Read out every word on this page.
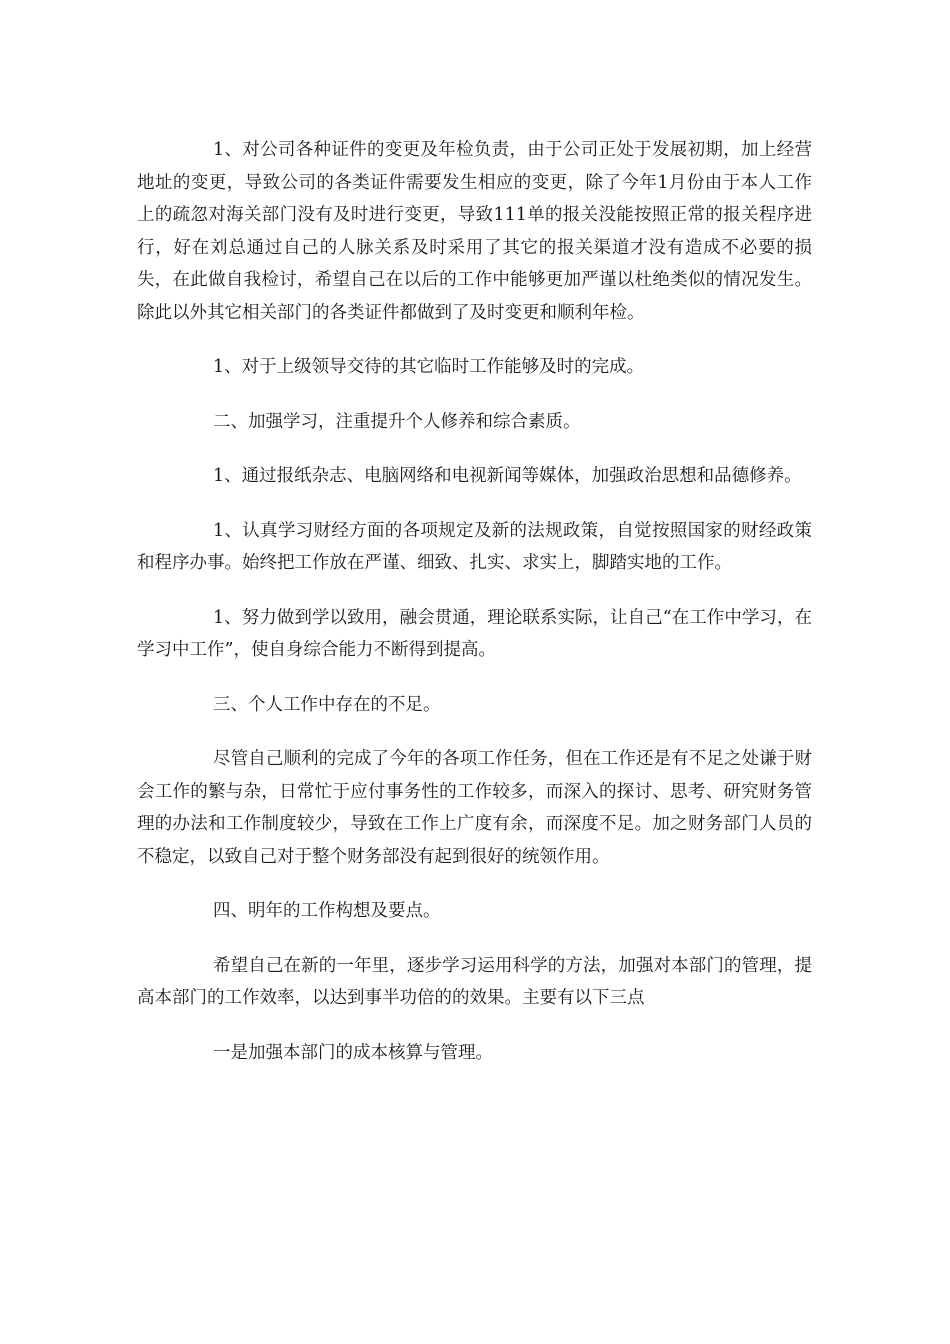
1、对公司各种证件的变更及年检负责，由于公司正处于发展初期，加上经营地址的变更，导致公司的各类证件需要发生相应的变更，除了今年1月份由于本人工作上的疏忽对海关部门没有及时进行变更，导致111单的报关没能按照正常的报关程序进行，好在刘总通过自己的人脉关系及时采用了其它的报关渠道才没有造成不必要的损失，在此做自我检讨，希望自己在以后的工作中能够更加严谨以杜绝类似的情况发生。除此以外其它相关部门的各类证件都做到了及时变更和顺利年检。

1、对于上级领导交待的其它临时工作能够及时的完成。

二、加强学习，注重提升个人修养和综合素质。

1、通过报纸杂志、电脑网络和电视新闻等媒体，加强政治思想和品德修养。

1、认真学习财经方面的各项规定及新的法规政策，自觉按照国家的财经政策和程序办事。始终把工作放在严谨、细致、扎实、求实上，脚踏实地的工作。

1、努力做到学以致用，融会贯通，理论联系实际，让自己“在工作中学习，在学习中工作”，使自身综合能力不断得到提高。

三、个人工作中存在的不足。

尽管自己顺利的完成了今年的各项工作任务，但在工作还是有不足之处谦于财会工作的繁与杂，日常忙于应付事务性的工作较多，而深入的探讨、思考、研究财务管理的办法和工作制度较少，导致在工作上广度有余，而深度不足。加之财务部门人员的不稳定，以致自己对于整个财务部没有起到很好的统领作用。

四、明年的工作构想及要点。

希望自己在新的一年里，逐步学习运用科学的方法，加强对本部门的管理，提高本部门的工作效率，以达到事半功倍的的效果。主要有以下三点

一是加强本部门的成本核算与管理。
